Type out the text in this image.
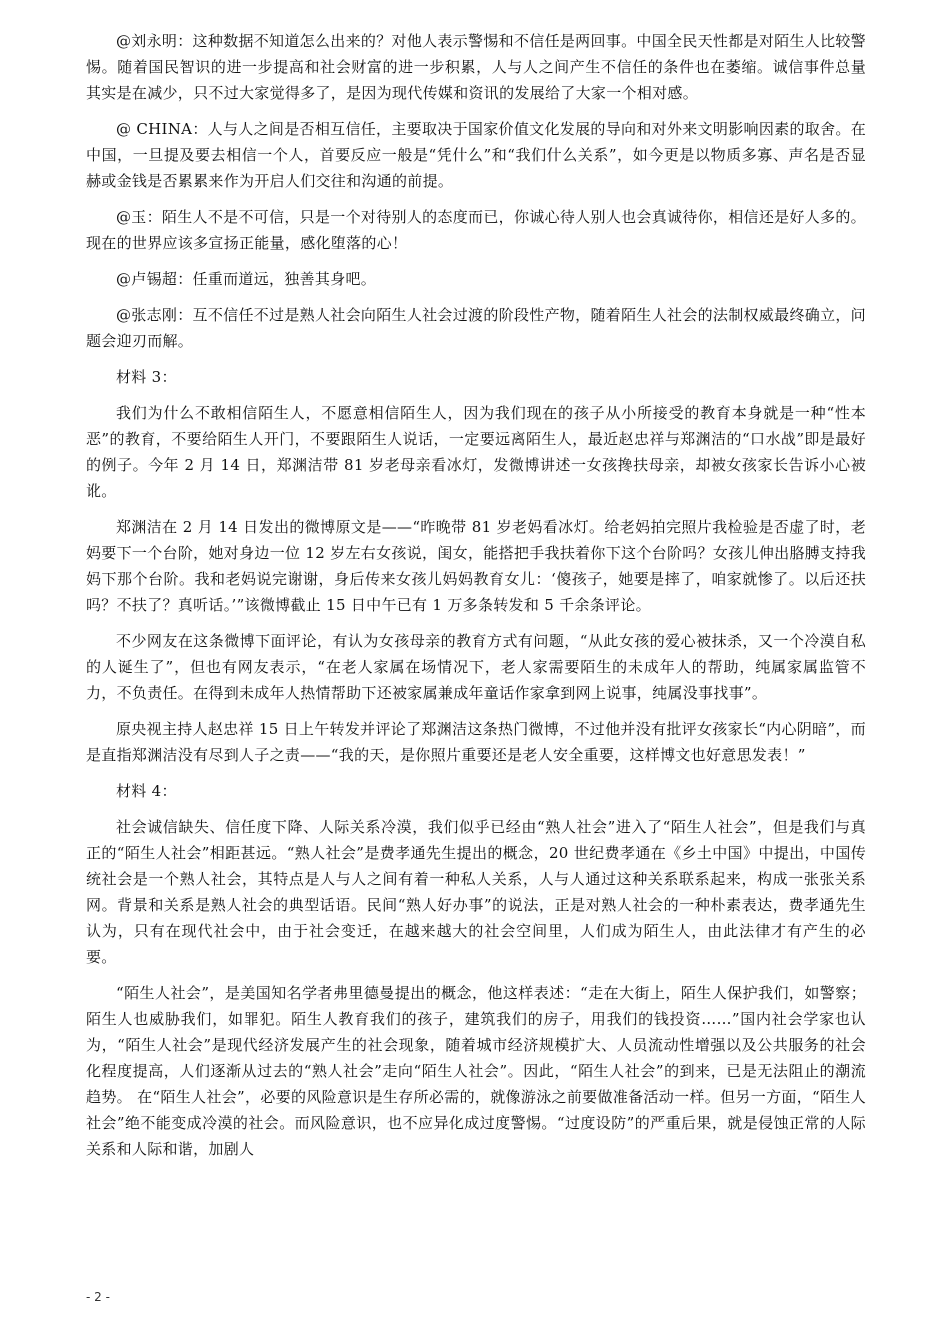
@刘永明：这种数据不知道怎么出来的？对他人表示警惕和不信任是两回事。中国全民天性都是对陌生人比较警惕。随着国民智识的进一步提高和社会财富的进一步积累，人与人之间产生不信任的条件也在萎缩。诚信事件总量其实是在减少，只不过大家觉得多了，是因为现代传媒和资讯的发展给了大家一个相对感。

@ CHINA：人与人之间是否相互信任，主要取决于国家价值文化发展的导向和对外来文明影响因素的取舍。在中国，一旦提及要去相信一个人，首要反应一般是“凭什么”和“我们什么关系”，如今更是以物质多寡、声名是否显赫或金钱是否累累来作为开启人们交往和沟通的前提。

@玉：陌生人不是不可信，只是一个对待别人的态度而已，你诚心待人别人也会真诚待你，相信还是好人多的。现在的世界应该多宣扬正能量，感化堕落的心！

@卢锡超：任重而道远，独善其身吧。

@张志刚：互不信任不过是熟人社会向陌生人社会过渡的阶段性产物，随着陌生人社会的法制权威最终确立，问题会迎刃而解。

材料 3：

我们为什么不敢相信陌生人，不愿意相信陌生人，因为我们现在的孩子从小所接受的教育本身就是一种“性本恶”的教育，不要给陌生人开门，不要跟陌生人说话，一定要远离陌生人，最近赵忠祥与郑渊洁的“口水战”即是最好的例子。今年 2 月 14 日，郑渊洁带 81 岁老母亲看冰灯，发微博讲述一女孩搀扶母亲，却被女孩家长告诉小心被讹。

郑渊洁在 2 月 14 日发出的微博原文是——“昨晚带 81 岁老妈看冰灯。给老妈拍完照片我检验是否虚了时，老妈要下一个台阶，她对身边一位 12 岁左右女孩说，闺女，能搭把手我扶着你下这个台阶吗？女孩儿伸出胳膊支持我妈下那个台阶。我和老妈说完谢谢，身后传来女孩儿妈妈教育女儿：‘傻孩子，她要是摔了，咱家就惨了。以后还扶吗？不扶了？真听话。’”该微博截止 15 日中午已有 1 万多条转发和 5 千余条评论。

不少网友在这条微博下面评论，有认为女孩母亲的教育方式有问题，“从此女孩的爱心被抹杀，又一个冷漠自私的人诞生了”，但也有网友表示，“在老人家属在场情况下，老人家需要陌生的未成年人的帮助，纯属家属监管不力，不负责任。在得到未成年人热情帮助下还被家属兼成年童话作家拿到网上说事，纯属没事找事”。

原央视主持人赵忠祥 15 日上午转发并评论了郑渊洁这条热门微博，不过他并没有批评女孩家长“内心阴暗”，而是直指郑渊洁没有尽到人子之责——“我的天，是你照片重要还是老人安全重要，这样博文也好意思发表！”

材料 4：

社会诚信缺失、信任度下降、人际关系冷漠，我们似乎已经由“熟人社会”进入了“陌生人社会”，但是我们与真正的“陌生人社会”相距甚远。“熟人社会”是费孝通先生提出的概念，20 世纪费孝通在《乡土中国》中提出，中国传统社会是一个熟人社会，其特点是人与人之间有着一种私人关系，人与人通过这种关系联系起来，构成一张张关系网。背景和关系是熟人社会的典型话语。民间“熟人好办事”的说法，正是对熟人社会的一种朴素表达，费孝通先生认为，只有在现代社会中，由于社会变迁，在越来越大的社会空间里，人们成为陌生人，由此法律才有产生的必要。

“陌生人社会”，是美国知名学者弗里德曼提出的概念，他这样表述：“走在大街上，陌生人保护我们，如警察；陌生人也威胁我们，如罪犯。陌生人教育我们的孩子，建筑我们的房子，用我们的钱投资……”国内社会学家也认为，“陌生人社会”是现代经济发展产生的社会现象，随着城市经济规模扩大、人员流动性增强以及公共服务的社会化程度提高，人们逐渐从过去的“熟人社会”走向“陌生人社会”。因此，“陌生人社会”的到来，已是无法阻止的潮流趋势。 在“陌生人社会”，必要的风险意识是生存所必需的，就像游泳之前要做准备活动一样。但另一方面，“陌生人社会”绝不能变成冷漠的社会。而风险意识，也不应异化成过度警惕。“过度设防”的严重后果，就是侵蚀正常的人际关系和人际和谐，加剧人

- 2 -
